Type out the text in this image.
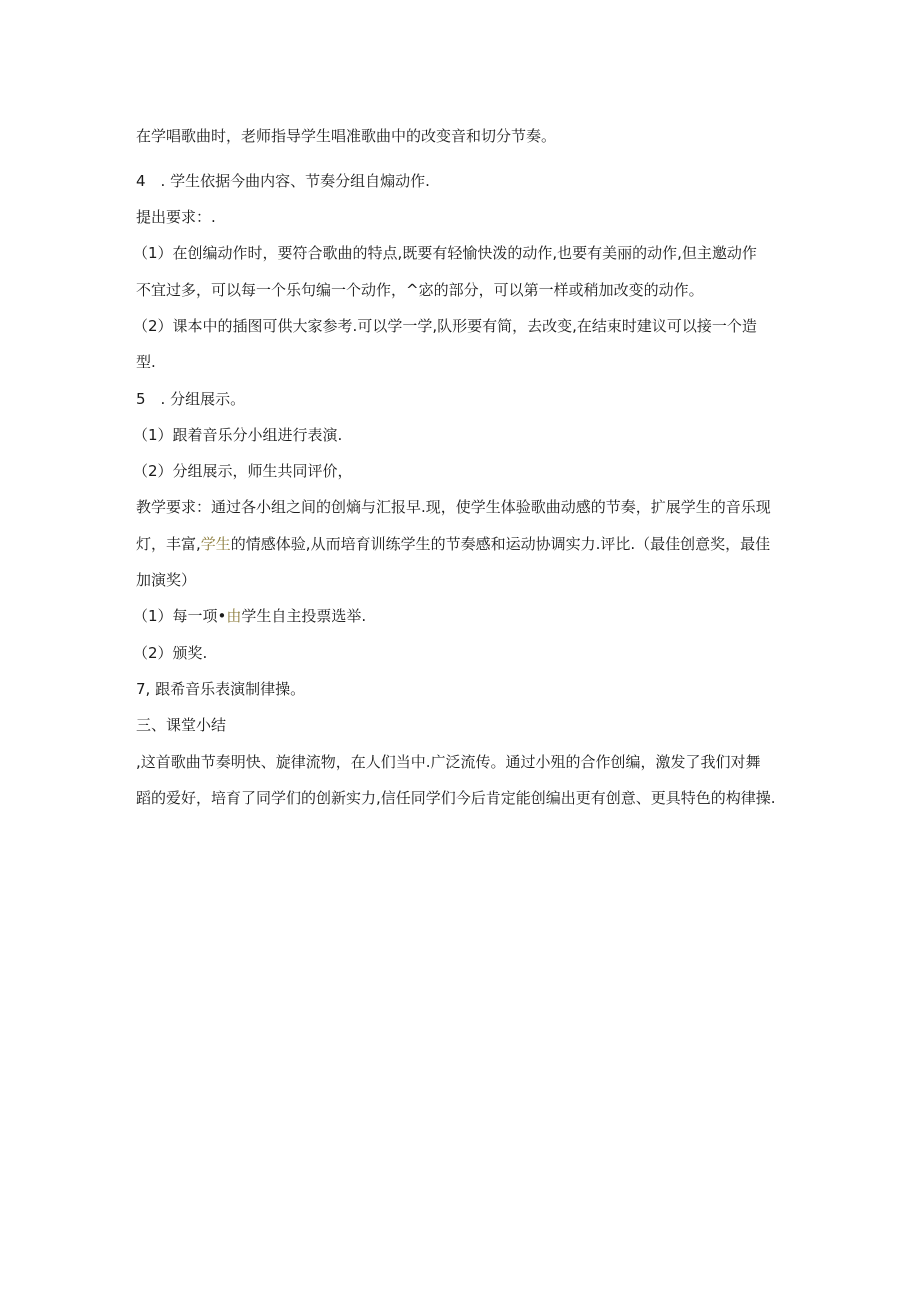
在学唱歌曲时，老师指导学生唱准歌曲中的改变音和切分节奏。
4　. 学生依据今曲内容、节奏分组自煽动作.
提出要求：.
（1）在创编动作时，要符合歌曲的特点,既要有轻愉快泼的动作,也要有美丽的动作,但主邀动作
不宜过多，可以每一个乐句编一个动作，^宓的部分，可以第一样或稍加改变的动作。
（2）课本中的插图可供大家参考.可以学一学,队形要有简，去改变,在结束时建议可以接一个造
型.
5　. 分组展示。
（1）跟着音乐分小组进行表演.
（2）分组展示，师生共同评价，
教学要求：通过各小组之间的创熵与汇报早.现，使学生体验歌曲动感的节奏，扩展学生的音乐现
灯，丰富,学生的情感体验,从而培育训练学生的节奏感和运动协调实力.评比.（最佳创意奖，最佳
加演奖）
（1）每一项•由学生自主投票选举.
（2）颁奖.
7, 跟希音乐表演制律操。
三、课堂小结
,这首歌曲节奏明快、旋律流物，在人们当中.广泛流传。通过小殂的合作创编，激发了我们对舞
蹈的爱好，培育了同学们的创新实力,信任同学们今后肯定能创编出更有创意、更具特色的构律操.
